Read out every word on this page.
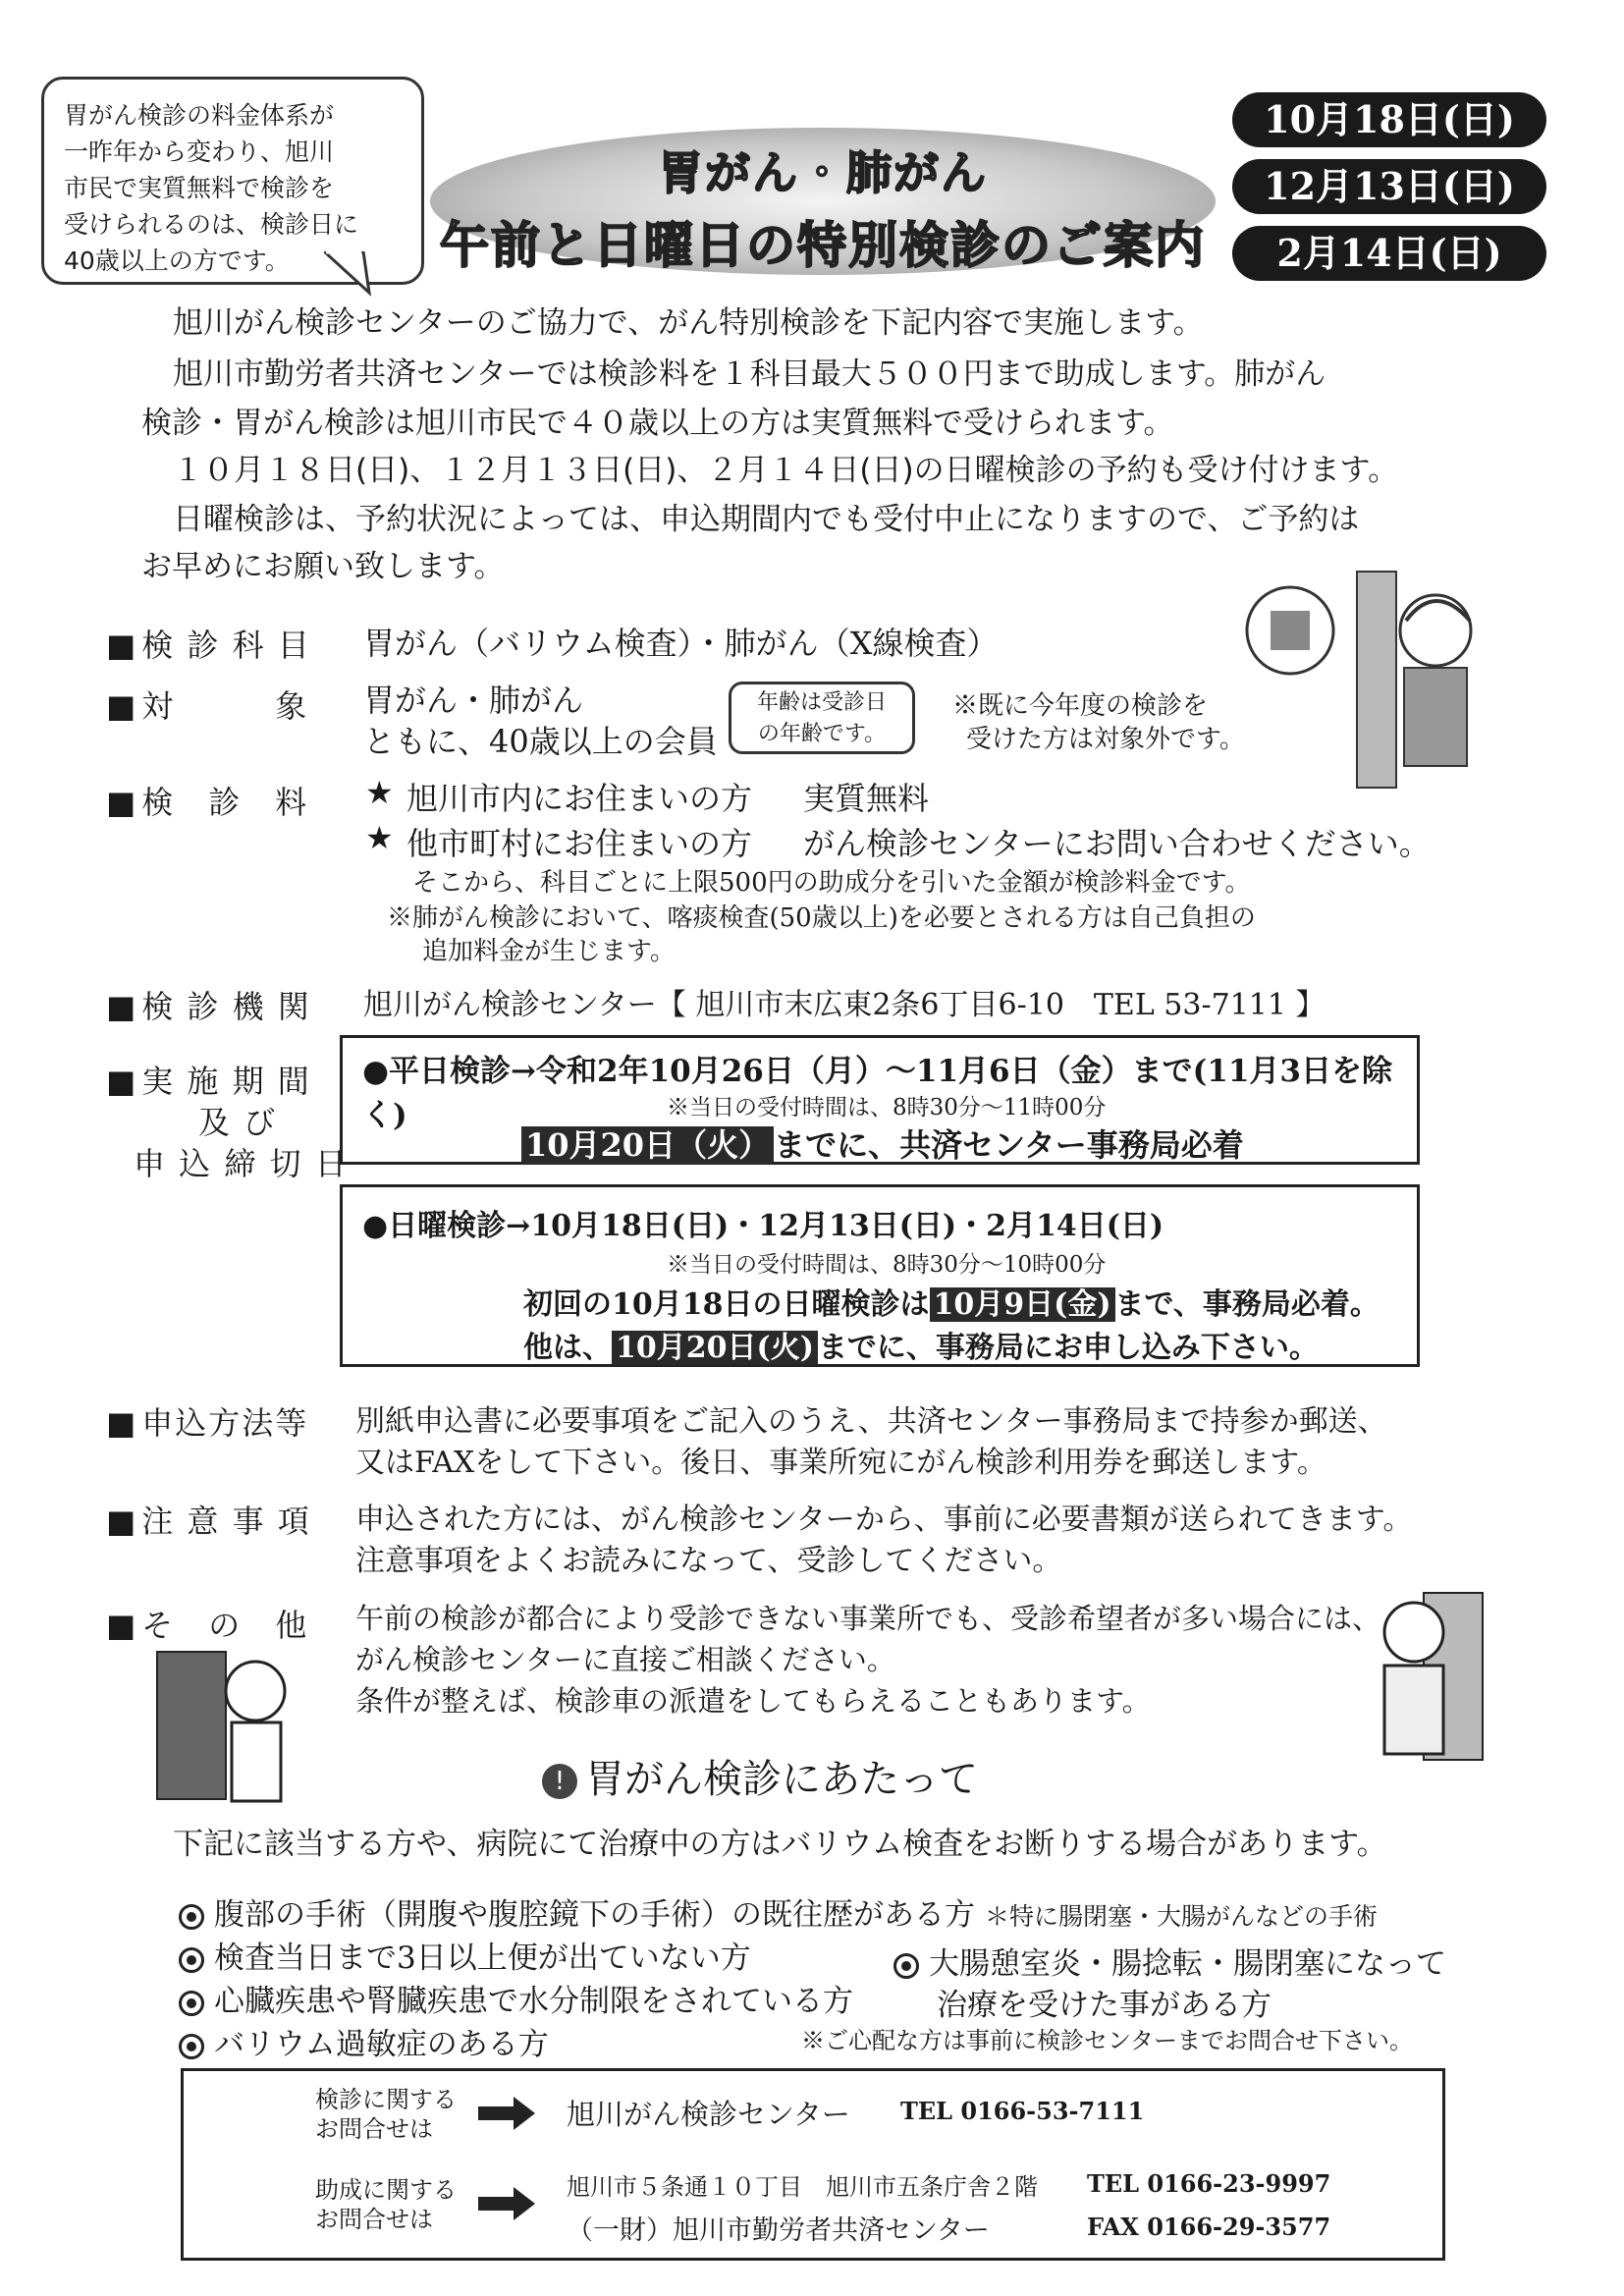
胃がん検診の料金体系が
一昨年から変わり、旭川
市民で実質無料で検診を
受けられるのは、検診日に
40歳以上の方です。
胃がん・肺がん
午前と日曜日の特別検診のご案内
10月18日(日)
12月13日(日)
2月14日(日)
旭川がん検診センターのご協力で、がん特別検診を下記内容で実施します。
旭川市勤労者共済センターでは検診料を１科目最大５００円まで助成します。肺がん
検診・胃がん検診は旭川市民で４０歳以上の方は実質無料で受けられます。
１０月１８日(日)、１２月１３日(日)、２月１４日(日)の日曜検診の予約も受け付けます。
日曜検診は、予約状況によっては、申込期間内でも受付中止になりますので、ご予約は
お早めにお願い致します。
■ 検 診 科 目 胃がん（バリウム検査）・肺がん（X線検査）
■ 対　　　象 胃がん・肺がん
ともに、40歳以上の会員
年齢は受診日
の年齢です。
※既に今年度の検診を
受けた方は対象外です。
■ 検　診　料 ★ 旭川市内にお住まいの方 実質無料
★ 他市町村にお住まいの方 がん検診センターにお問い合わせください。
そこから、科目ごとに上限500円の助成分を引いた金額が検診料金です。
※肺がん検診において、喀痰検査(50歳以上)を必要とされる方は自己負担の
追加料金が生じます。
■ 検 診 機 関 旭川がん検診センター【 旭川市末広東2条6丁目6-10　TEL 53-7111 】
■ 実 施 期 間
及 び
申 込 締 切 日
●平日検診→令和2年10月26日（月）～11月6日（金）まで(11月3日を除く)	※当日の受付時間は、8時30分～11時00分
10月20日（火） までに、共済センター事務局必着
●日曜検診→10月18日(日)・12月13日(日)・2月14日(日)
※当日の受付時間は、8時30分～10時00分
初回の10月18日の日曜検診は 10月9日(金) まで、事務局必着。
他は、 10月20日(火) までに、事務局にお申し込み下さい。
■ 申込方法等 別紙申込書に必要事項をご記入のうえ、共済センター事務局まで持参か郵送、
又はFAXをして下さい。後日、事業所宛にがん検診利用券を郵送します。
■ 注 意 事 項 申込された方には、がん検診センターから、事前に必要書類が送られてきます。
注意事項をよくお読みになって、受診してください。
■ そ　の　他 午前の検診が都合により受診できない事業所でも、受診希望者が多い場合には、
がん検診センターに直接ご相談ください。
条件が整えば、検診車の派遣をしてもらえることもあります。
! 胃がん検診にあたって
下記に該当する方や、病院にて治療中の方はバリウム検査をお断りする場合があります。
腹部の手術（開腹や腹腔鏡下の手術）の既往歴がある方 ＊特に腸閉塞・大腸がんなどの手術
検査当日まで3日以上便が出ていない方
心臓疾患や腎臓疾患で水分制限をされている方
バリウム過敏症のある方
大腸憩室炎・腸捻転・腸閉塞になって
治療を受けた事がある方
※ご心配な方は事前に検診センターまでお問合せ下さい。
検診に関する
お問合せは	旭川がん検診センター TEL 0166-53-7111
助成に関する
お問合せは
旭川市５条通１０丁目　旭川市五条庁舎２階 TEL 0166-23-9997
（一財）旭川市勤労者共済センター	FAX 0166-29-3577
